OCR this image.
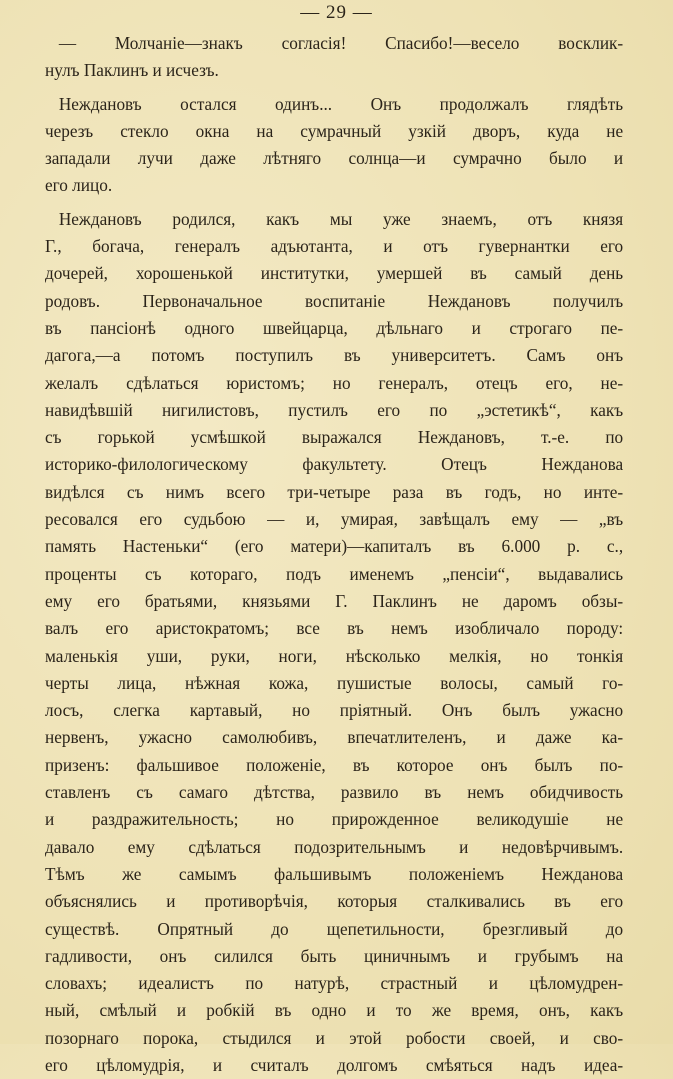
— 29 —
— Молчаніе—знакъ согласія! Спасибо!—весело восклик-
нулъ Паклинъ и исчезъ.
Неждановъ остался одинъ... Онъ продолжалъ глядѣть
черезъ стекло окна на сумрачный узкій дворъ, куда не
западали лучи даже лѣтняго солнца—и сумрачно было и
его лицо.
Неждановъ родился, какъ мы уже знаемъ, отъ князя
Г., богача, генералъ адъютанта, и отъ гувернантки его
дочерей, хорошенькой институтки, умершей въ самый день
родовъ. Первоначальное воспитаніе Неждановъ получилъ
въ пансіонѣ одного швейцарца, дѣльнаго и строгаго пе-
дагога,—а потомъ поступилъ въ университетъ. Самъ онъ
желалъ сдѣлаться юристомъ; но генералъ, отецъ его, не-
навидѣвшій нигилистовъ, пустилъ его по „эстетикѣ“, какъ
съ горькой усмѣшкой выражался Неждановъ, т.-е. по
историко-филологическому факультету. Отецъ Нежданова
видѣлся съ нимъ всего три-четыре раза въ годъ, но инте-
ресовался его судьбою — и, умирая, завѣщалъ ему — „въ
память Настеньки“ (его матери)—капиталъ въ 6.000 р. с.,
проценты съ котораго, подъ именемъ „пенсіи“, выдавались
ему его братьями, князьями Г. Паклинъ не даромъ обзы-
валъ его аристократомъ; все въ немъ изобличало породу:
маленькія уши, руки, ноги, нѣсколько мелкія, но тонкія
черты лица, нѣжная кожа, пушистые волосы, самый го-
лосъ, слегка картавый, но пріятный. Онъ былъ ужасно
нервенъ, ужасно самолюбивъ, впечатлителенъ, и даже ка-
призенъ: фальшивое положеніе, въ которое онъ былъ по-
ставленъ съ самаго дѣтства, развило въ немъ обидчивость
и раздражительность; но прирожденное великодушіе не
давало ему сдѣлаться подозрительнымъ и недовѣрчивымъ.
Тѣмъ же самымъ фальшивымъ положеніемъ Нежданова
объяснялись и противорѣчія, которыя сталкивались въ его
существѣ. Опрятный до щепетильности, брезгливый до
гадливости, онъ силился быть циничнымъ и грубымъ на
словахъ; идеалистъ по натурѣ, страстный и цѣломудрен-
ный, смѣлый и робкій въ одно и то же время, онъ, какъ
позорнаго порока, стыдился и этой робости своей, и сво-
его цѣломудрія, и считалъ долгомъ смѣяться надъ идеа-
